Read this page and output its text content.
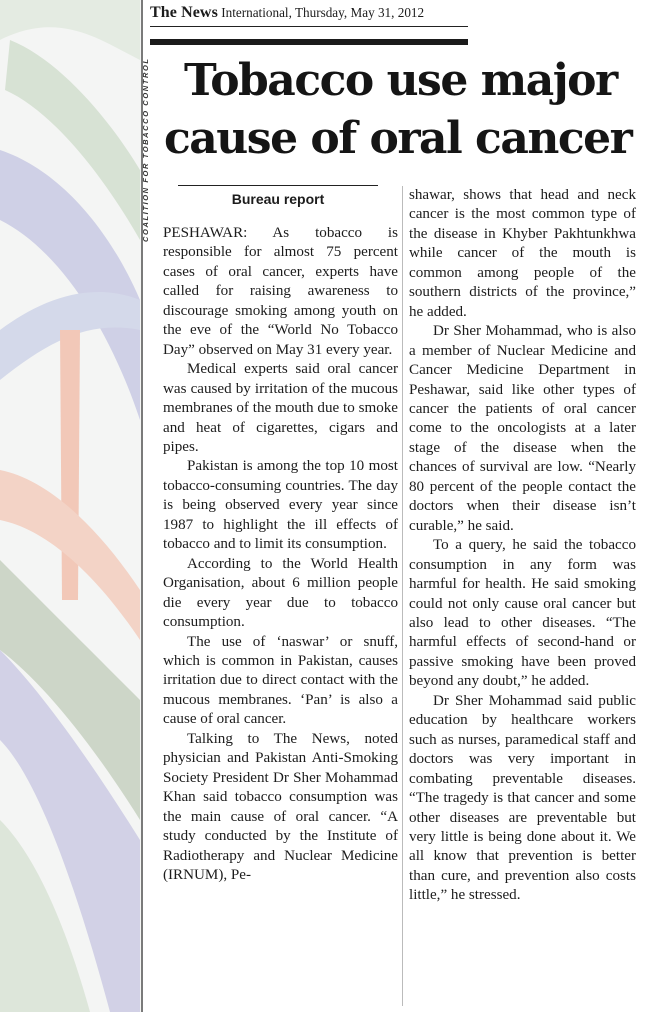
COALITION FOR TOBACCO CONTROL
The News International, Thursday, May 31, 2012
Tobacco use major
cause of oral cancer
Bureau report

PESHAWAR: As tobacco is responsible for almost 75 percent cases of oral cancer, experts have called for raising awareness to discourage smoking among youth on the eve of the “World No Tobacco Day” observed on May 31 every year.

Medical experts said oral cancer was caused by irritation of the mucous membranes of the mouth due to smoke and heat of cigarettes, cigars and pipes.

Pakistan is among the top 10 most tobacco-consuming countries. The day is being observed every year since 1987 to highlight the ill effects of tobacco and to limit its consumption.

According to the World Health Organisation, about 6 million people die every year due to tobacco consumption.

The use of ‘naswar’ or snuff, which is common in Pakistan, causes irritation due to direct contact with the mucous membranes. ‘Pan’ is also a cause of oral cancer.

Talking to The News, noted physician and Pakistan Anti-Smoking Society President Dr Sher Mohammad Khan said tobacco consumption was the main cause of oral cancer. “A study conducted by the Institute of Radiotherapy and Nuclear Medicine (IRNUM), Pe-

shawar, shows that head and neck cancer is the most common type of the disease in Khyber Pakhtunkhwa while cancer of the mouth is common among people of the southern districts of the province,” he added.

Dr Sher Mohammad, who is also a member of Nuclear Medicine and Cancer Medicine Department in Peshawar, said like other types of cancer the patients of oral cancer come to the oncologists at a later stage of the disease when the chances of survival are low. “Nearly 80 percent of the people contact the doctors when their disease isn’t curable,” he said.

To a query, he said the tobacco consumption in any form was harmful for health. He said smoking could not only cause oral cancer but also lead to other diseases. “The harmful effects of second-hand or passive smoking have been proved beyond any doubt,” he added.

Dr Sher Mohammad said public education by healthcare workers such as nurses, paramedical staff and doctors was very important in combating preventable diseases. “The tragedy is that cancer and some other diseases are preventable but very little is being done about it. We all know that prevention is better than cure, and prevention also costs little,” he stressed.
